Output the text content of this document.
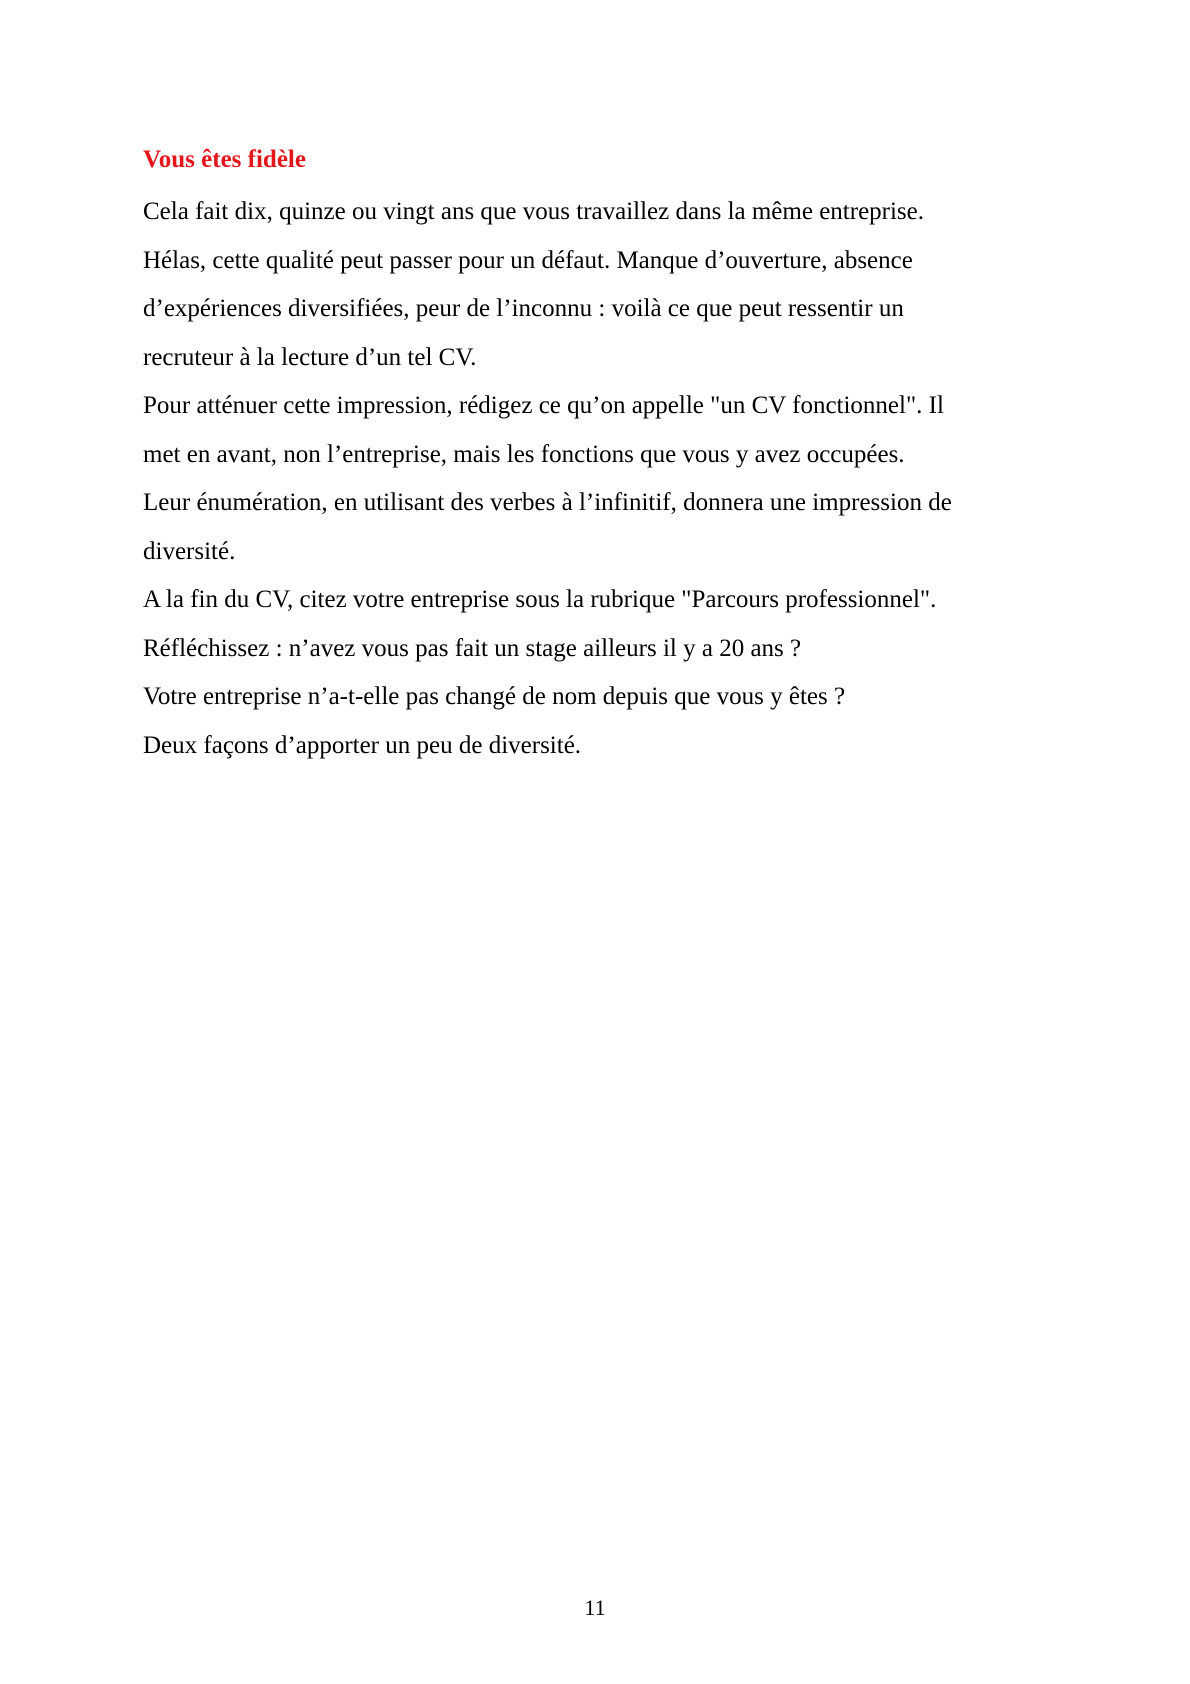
Vous êtes fidèle
Cela fait dix, quinze ou vingt ans que vous travaillez dans la même entreprise.
Hélas, cette qualité peut passer pour un défaut. Manque d’ouverture, absence
d’expériences diversifiées, peur de l’inconnu : voilà ce que peut ressentir un
recruteur à la lecture d’un tel CV.
Pour atténuer cette impression, rédigez ce qu’on appelle "un CV fonctionnel". Il
met en avant, non l’entreprise, mais les fonctions que vous y avez occupées.
Leur énumération, en utilisant des verbes à l’infinitif, donnera une impression de
diversité.
A la fin du CV, citez votre entreprise sous la rubrique "Parcours professionnel".
Réfléchissez : n’avez vous pas fait un stage ailleurs il y a 20 ans ?
Votre entreprise n’a-t-elle pas changé de nom depuis que vous y êtes ?
Deux façons d’apporter un peu de diversité.
11
